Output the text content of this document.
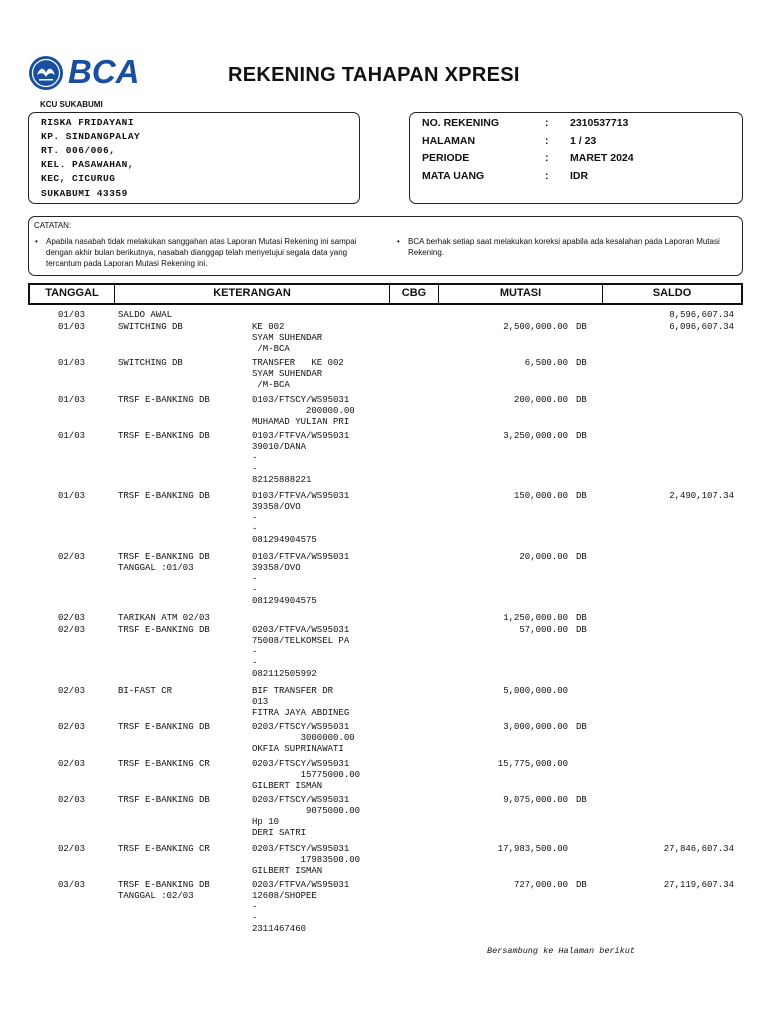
BCA	REKENING TAHAPAN XPRESI
KCU SUKABUMI
RISKA FRIDAYANI
KP. SINDANGPALAY
RT. 006/006,
KEL. PASAWAHAN,
KEC, CICURUG
SUKABUMI 43359
NO. REKENING	: 2310537713
HALAMAN	: 1 / 23
PERIODE	: MARET 2024
MATA UANG	: IDR
CATATAN:
•	Apabila nasabah tidak melakukan sanggahan atas Laporan Mutasi Rekening ini sampai dengan akhir bulan berikutnya, nasabah dianggap telah menyetujui segala data yang tercantum pada Laporan Mutasi Rekening ini.
•	BCA berhak setiap saat melakukan koreksi apabila ada kesalahan pada Laporan Mutasi Rekening.
TANGGAL	KETERANGAN	CBG	MUTASI	SALDO
01/03	SALDO AWAL	8,596,607.34
01/03	SWITCHING DB	KE 002
SYAM SUHENDAR
/M-BCA
2,500,000.00 DB	6,096,607.34
01/03	SWITCHING DB	TRANSFER   KE 002
SYAM SUHENDAR
/M-BCA
6,500.00 DB
01/03	TRSF E-BANKING DB	0103/FTSCY/WS95031
200000.00
MUHAMAD YULIAN PRI
200,000.00 DB
01/03	TRSF E-BANKING DB	0103/FTFVA/WS95031
39010/DANA
-
-
82125888221
3,250,000.00 DB
01/03	TRSF E-BANKING DB	0103/FTFVA/WS95031
39358/OVO
-
-
081294904575
150,000.00 DB	2,490,107.34
02/03	TRSF E-BANKING DB
TANGGAL :01/03
0103/FTFVA/WS95031
39358/OVO
-
-
081294904575
20,000.00 DB
02/03	TARIKAN ATM 02/03	1,250,000.00 DB
02/03	TRSF E-BANKING DB	0203/FTFVA/WS95031
75008/TELKOMSEL PA
-
-
082112505992
57,000.00 DB
02/03	BI-FAST CR	BIF TRANSFER DR
013
FITRA JAYA ABDINEG
5,000,000.00
02/03	TRSF E-BANKING DB	0203/FTSCY/WS95031
3000000.00
OKFIA SUPRINAWATI
3,000,000.00 DB
02/03	TRSF E-BANKING CR	0203/FTSCY/WS95031
15775000.00
GILBERT ISMAN
15,775,000.00
02/03	TRSF E-BANKING DB	0203/FTSCY/WS95031
9075000.00
Hp 10
DERI SATRI
9,075,000.00 DB
02/03	TRSF E-BANKING CR	0203/FTSCY/WS95031
17983500.00
GILBERT ISMAN
17,983,500.00	27,846,607.34
03/03	TRSF E-BANKING DB
TANGGAL :02/03
0203/FTFVA/WS95031
12608/SHOPEE
-
-
2311467460
727,000.00 DB	27,119,607.34
Bersambung ke Halaman berikut
